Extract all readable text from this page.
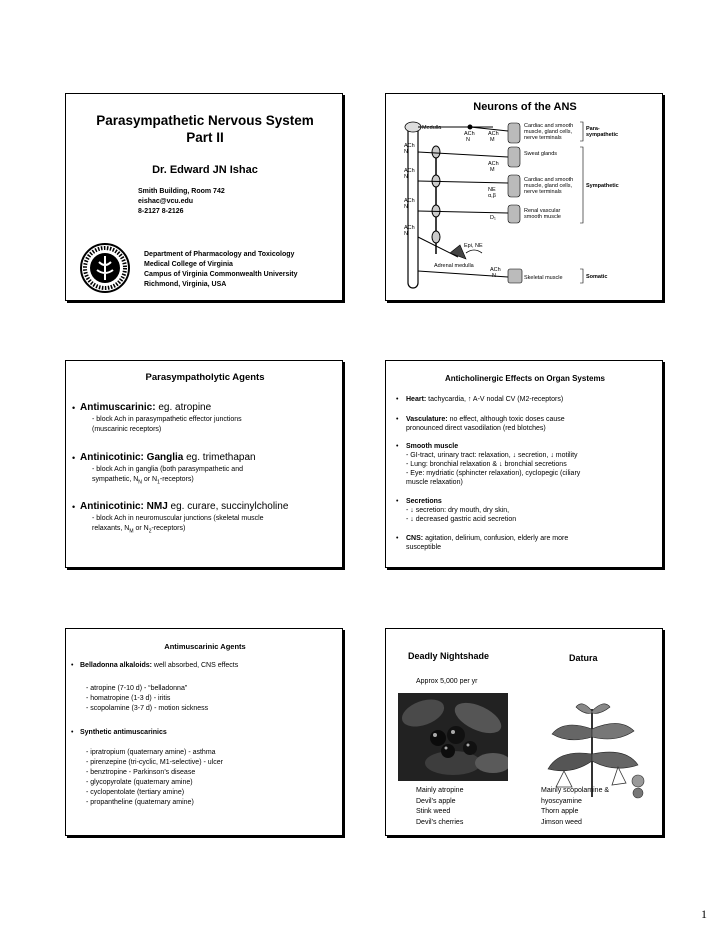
Parasympathetic Nervous System
Part II
Dr. Edward JN Ishac
Smith Building, Room 742
eishac@vcu.edu
8-2127 8-2126
Department of Pharmacology and Toxicology
Medical College of Virginia
Campus of Virginia Commonwealth University
Richmond, Virginia, USA
Neurons of the ANS
Medulla
ACh
N
ACh
M
ACh
N
ACh
N
ACh
N
ACh
N
ACh
M
NE
α,β
D₁
Epi, NE
Adrenal medulla
ACh
N
Cardiac and smooth
muscle, gland cells,
nerve terminals
Sweat glands
Cardiac and smooth
muscle, gland cells,
nerve terminals
Renal vascular
smooth muscle
Skeletal muscle
Para-
sympathetic
Sympathetic
Somatic
Parasympatholytic Agents
• Antimuscarinic: eg. atropine
- block Ach in parasympathetic effector junctions
(muscarinic receptors)
• Antinicotinic: Ganglia eg. trimethapan
- block Ach in ganglia (both parasympathetic and
sympathetic, $N_N$ or $N_1-receptors$)
• Antinicotinic: NMJ eg. curare, succinylcholine
- block Ach in neuromuscular junctions (skeletal muscle
relaxants, $N_M$ or $N_2-receptors$)
Anticholinergic Effects on Organ Systems
• Heart: tachycardia, ↑ A-V nodal CV (M2-receptors)
• Vasculature: no effect, although toxic doses cause
pronounced direct vasodilation (red blotches)
• Smooth muscle
- GI-tract, urinary tract: relaxation, ↓ secretion, ↓ motility
- Lung: bronchial relaxation & ↓ bronchial secretions
- Eye: mydriatic (sphincter relaxation), cyclopegic (ciliary
muscle relaxation)
• Secretions
- ↓ secretion: dry mouth, dry skin,
- ↓ decreased gastric acid secretion
• CNS: agitation, delirium, confusion, elderly are more
susceptible
Antimuscarinic Agents
• Belladonna alkaloids: well absorbed, CNS effects
- atropine (7-10 d) - “belladonna”
- homatropine (1-3 d) - iritis
- scopolamine (3-7 d) - motion sickness
• Synthetic antimuscarinics
- ipratropium (quaternary amine) - asthma
- pirenzepine (tri-cyclic, M1-selective) - ulcer
- benztropine - Parkinson’s disease
- glycopyrolate (quaternary amine)
- cyclopentolate (tertiary amine)
- propantheline (quaternary amine)
Deadly Nightshade	Datura
Approx 5,000 per yr
Mainly atropine
Devil’s apple
Stink weed
Devil’s cherries
Mainly scopolamine &
hyoscyamine
Thorn apple
Jimson weed
1
